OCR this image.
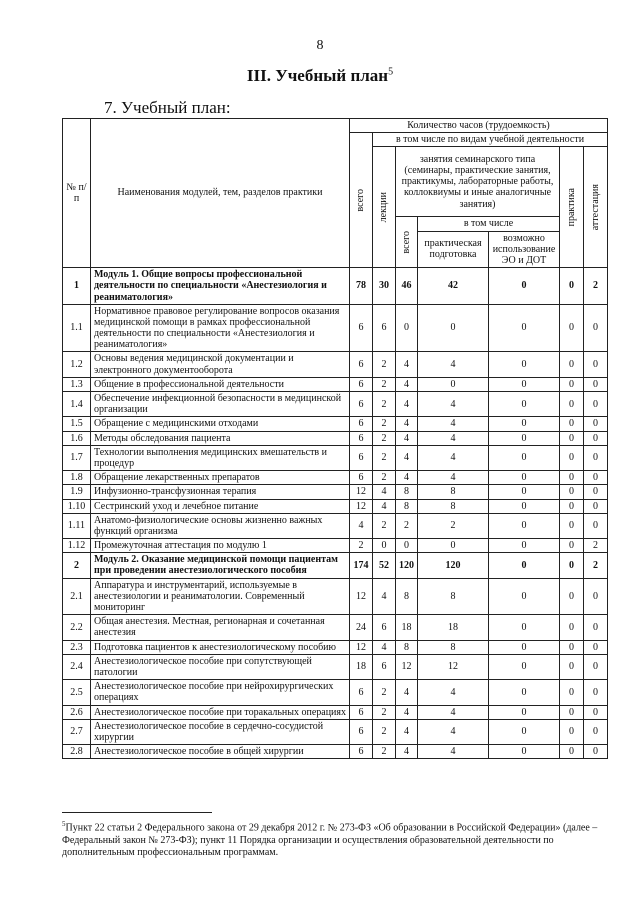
8
III. Учебный план$^5$
7. Учебный план:
№ п/п	Наименования модулей, тем, разделов практики	Количество часов (трудоемкость)						

		всего	в том числе по видам учебной деятельности					

			лекции	занятия семинарского типа (семинары, практические занятия, практикумы, лабораторные работы, коллоквиумы и иные аналогичные занятия)			практика	аттестация

				всего	в том числе			
					практическая подготовка	возможно использование ЭО и ДОТ		
1	Модуль 1. Общие вопросы профессиональной деятельности по специальности «Анестезиология и реаниматология»	78	30	46	42	0	0	2
1.1	Нормативное правовое регулирование вопросов оказания медицинской помощи в рамках профессиональной деятельности по специальности «Анестезиология и реаниматология»	6	6	0	0	0	0	0
1.2	Основы ведения медицинской документации и электронного документооборота	6	2	4	4	0	0	0
1.3	Общение в профессиональной деятельности	6	2	4	0	0	0	0
1.4	Обеспечение инфекционной безопасности в медицинской организации	6	2	4	4	0	0	0
1.5	Обращение с медицинскими отходами	6	2	4	4	0	0	0
1.6	Методы обследования пациента	6	2	4	4	0	0	0
1.7	Технологии выполнения медицинских вмешательств и процедур	6	2	4	4	0	0	0
1.8	Обращение лекарственных препаратов	6	2	4	4	0	0	0
1.9	Инфузионно-трансфузионная терапия	12	4	8	8	0	0	0
1.10	Сестринский уход и лечебное питание	12	4	8	8	0	0	0
1.11	Анатомо-физиологические основы жизненно важных функций организма	4	2	2	2	0	0	0
1.12	Промежуточная аттестация по модулю 1	2	0	0	0	0	0	2
2	Модуль 2. Оказание медицинской помощи пациентам при проведении анестезиологического пособия	174	52	120	120	0	0	2
2.1	Аппаратура и инструментарий, используемые в анестезиологии и реаниматологии. Современный мониторинг	12	4	8	8	0	0	0
2.2	Общая анестезия. Местная, регионарная и сочетанная анестезия	24	6	18	18	0	0	0
2.3	Подготовка пациентов к анестезиологическому пособию	12	4	8	8	0	0	0
2.4	Анестезиологическое пособие при сопутствующей патологии	18	6	12	12	0	0	0
2.5	Анестезиологическое пособие при нейрохирургических операциях	6	2	4	4	0	0	0
2.6	Анестезиологическое пособие при торакальных операциях	6	2	4	4	0	0	0
2.7	Анестезиологическое пособие в сердечно-сосудистой хирургии	6	2	4	4	0	0	0
2.8	Анестезиологическое пособие в общей хирургии	6	2	4	4	0	0	0
$^5$Пункт 22 статьи 2 Федерального закона от 29 декабря 2012 г. № 273-ФЗ «Об образовании в Российской Федерации» (далее – Федеральный закон № 273-ФЗ); пункт 11 Порядка организации и осуществления образовательной деятельности по дополнительным профессиональным программам.
